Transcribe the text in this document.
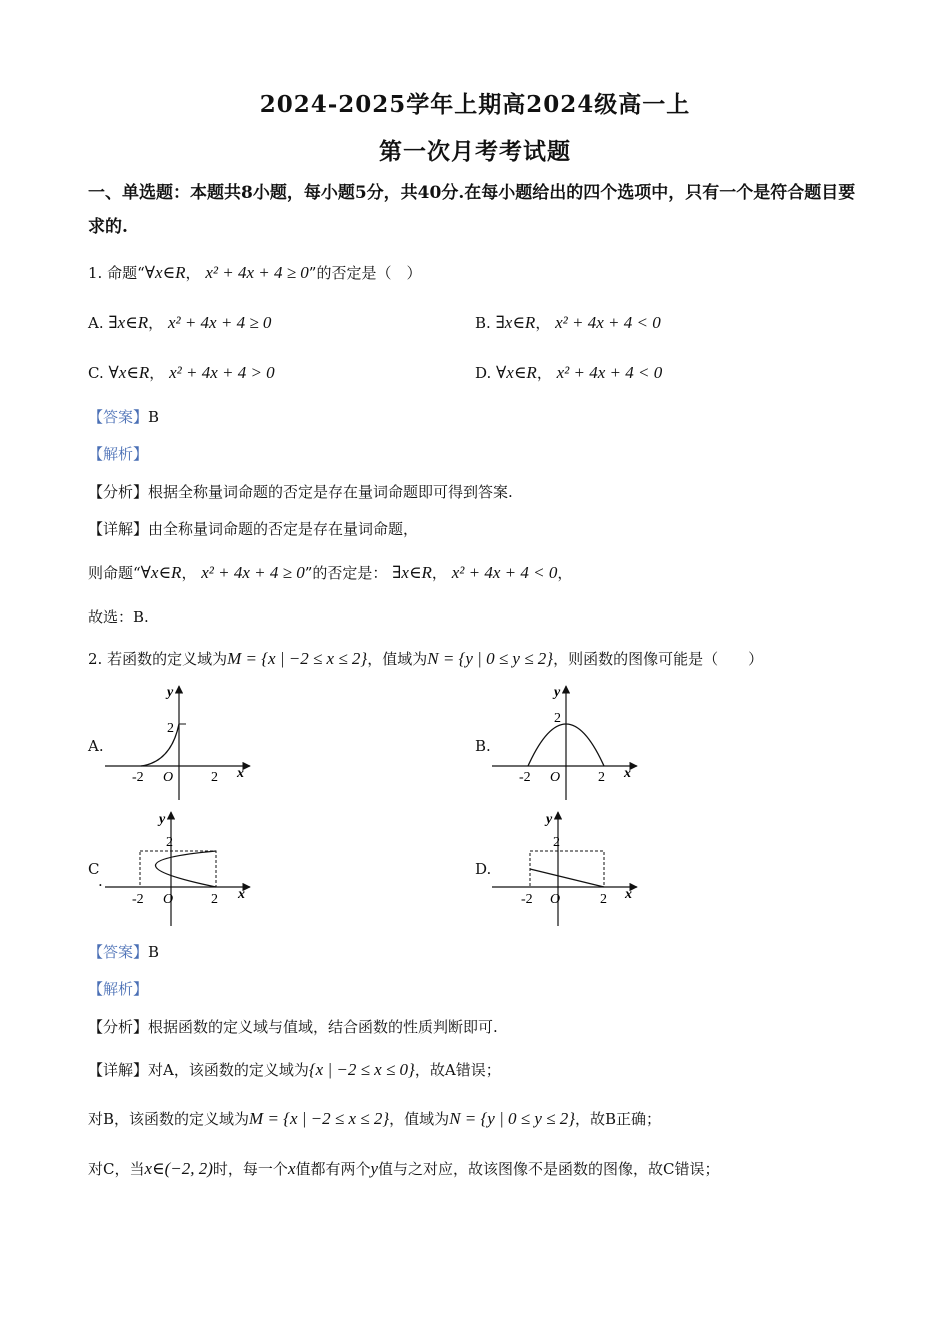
2024-2025学年上期高2024级高一上
第一次月考考试题
一、单选题：本题共8小题，每小题5分，共40分.在每小题给出的四个选项中，只有一个是符合题目要求的.
1. 命题“∀x∈R， x² + 4x + 4 ≥ 0”的否定是（　）
A. ∃x∈R， x² + 4x + 4 ≥ 0	B. ∃x∈R， x² + 4x + 4 < 0
C. ∀x∈R， x² + 4x + 4 > 0	D. ∀x∈R， x² + 4x + 4 < 0
【答案】B
【解析】
【分析】根据全称量词命题的否定是存在量词命题即可得到答案.
【详解】由全称量词命题的否定是存在量词命题，
则命题“∀x∈R， x² + 4x + 4 ≥ 0”的否定是： ∃x∈R， x² + 4x + 4 < 0，
故选：B.
2. 若函数的定义域为M = {x | −2 ≤ x ≤ 2}，值域为N = {y | 0 ≤ y ≤ 2}，则函数的图像可能是（　　）
A.	B.
C
.
D.
y
x
2
-2 O	2
y
x
2
-2 O	2
y
x
2
-2 O	2
y
x
2
-2 O	2
【答案】B
【解析】
【分析】根据函数的定义域与值域，结合函数的性质判断即可.
【详解】对A，该函数的定义域为{x | −2 ≤ x ≤ 0}，故A错误；
对B，该函数的定义域为M = {x | −2 ≤ x ≤ 2}，值域为N = {y | 0 ≤ y ≤ 2}，故B正确；
对C，当x∈(−2, 2)时，每一个x值都有两个y值与之对应，故该图像不是函数的图像，故C错误；
